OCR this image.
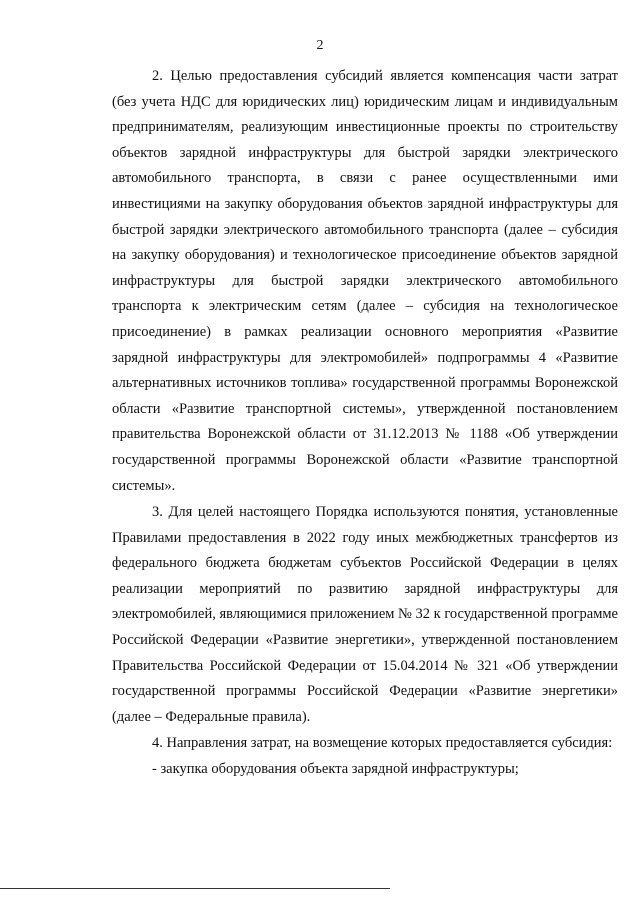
2

2. Целью предоставления субсидий является компенсация части затрат (без учета НДС для юридических лиц) юридическим лицам и индивидуальным предпринимателям, реализующим инвестиционные проекты по строительству объектов зарядной инфраструктуры для быстрой зарядки электрического автомобильного транспорта, в связи с ранее осуществленными ими инвестициями на закупку оборудования объектов зарядной инфраструктуры для быстрой зарядки электрического автомобильного транспорта (далее – субсидия на закупку оборудования) и технологическое присоединение объектов зарядной инфраструктуры для быстрой зарядки электрического автомобильного транспорта к электрическим сетям (далее – субсидия на технологическое присоединение) в рамках реализации основного мероприятия «Развитие зарядной инфраструктуры для электромобилей» подпрограммы 4 «Развитие альтернативных источников топлива» государственной программы Воронежской области «Развитие транспортной системы», утвержденной постановлением правительства Воронежской области от 31.12.2013 № 1188 «Об утверждении государственной программы Воронежской области «Развитие транспортной системы».

3. Для целей настоящего Порядка используются понятия, установленные Правилами предоставления в 2022 году иных межбюджетных трансфертов из федерального бюджета бюджетам субъектов Российской Федерации в целях реализации мероприятий по развитию зарядной инфраструктуры для электромобилей, являющимися приложением № 32 к государственной программе Российской Федерации «Развитие энергетики», утвержденной постановлением Правительства Российской Федерации от 15.04.2014 № 321 «Об утверждении государственной программы Российской Федерации «Развитие энергетики» (далее – Федеральные правила).

4. Направления затрат, на возмещение которых предоставляется субсидия:

- закупка оборудования объекта зарядной инфраструктуры;
